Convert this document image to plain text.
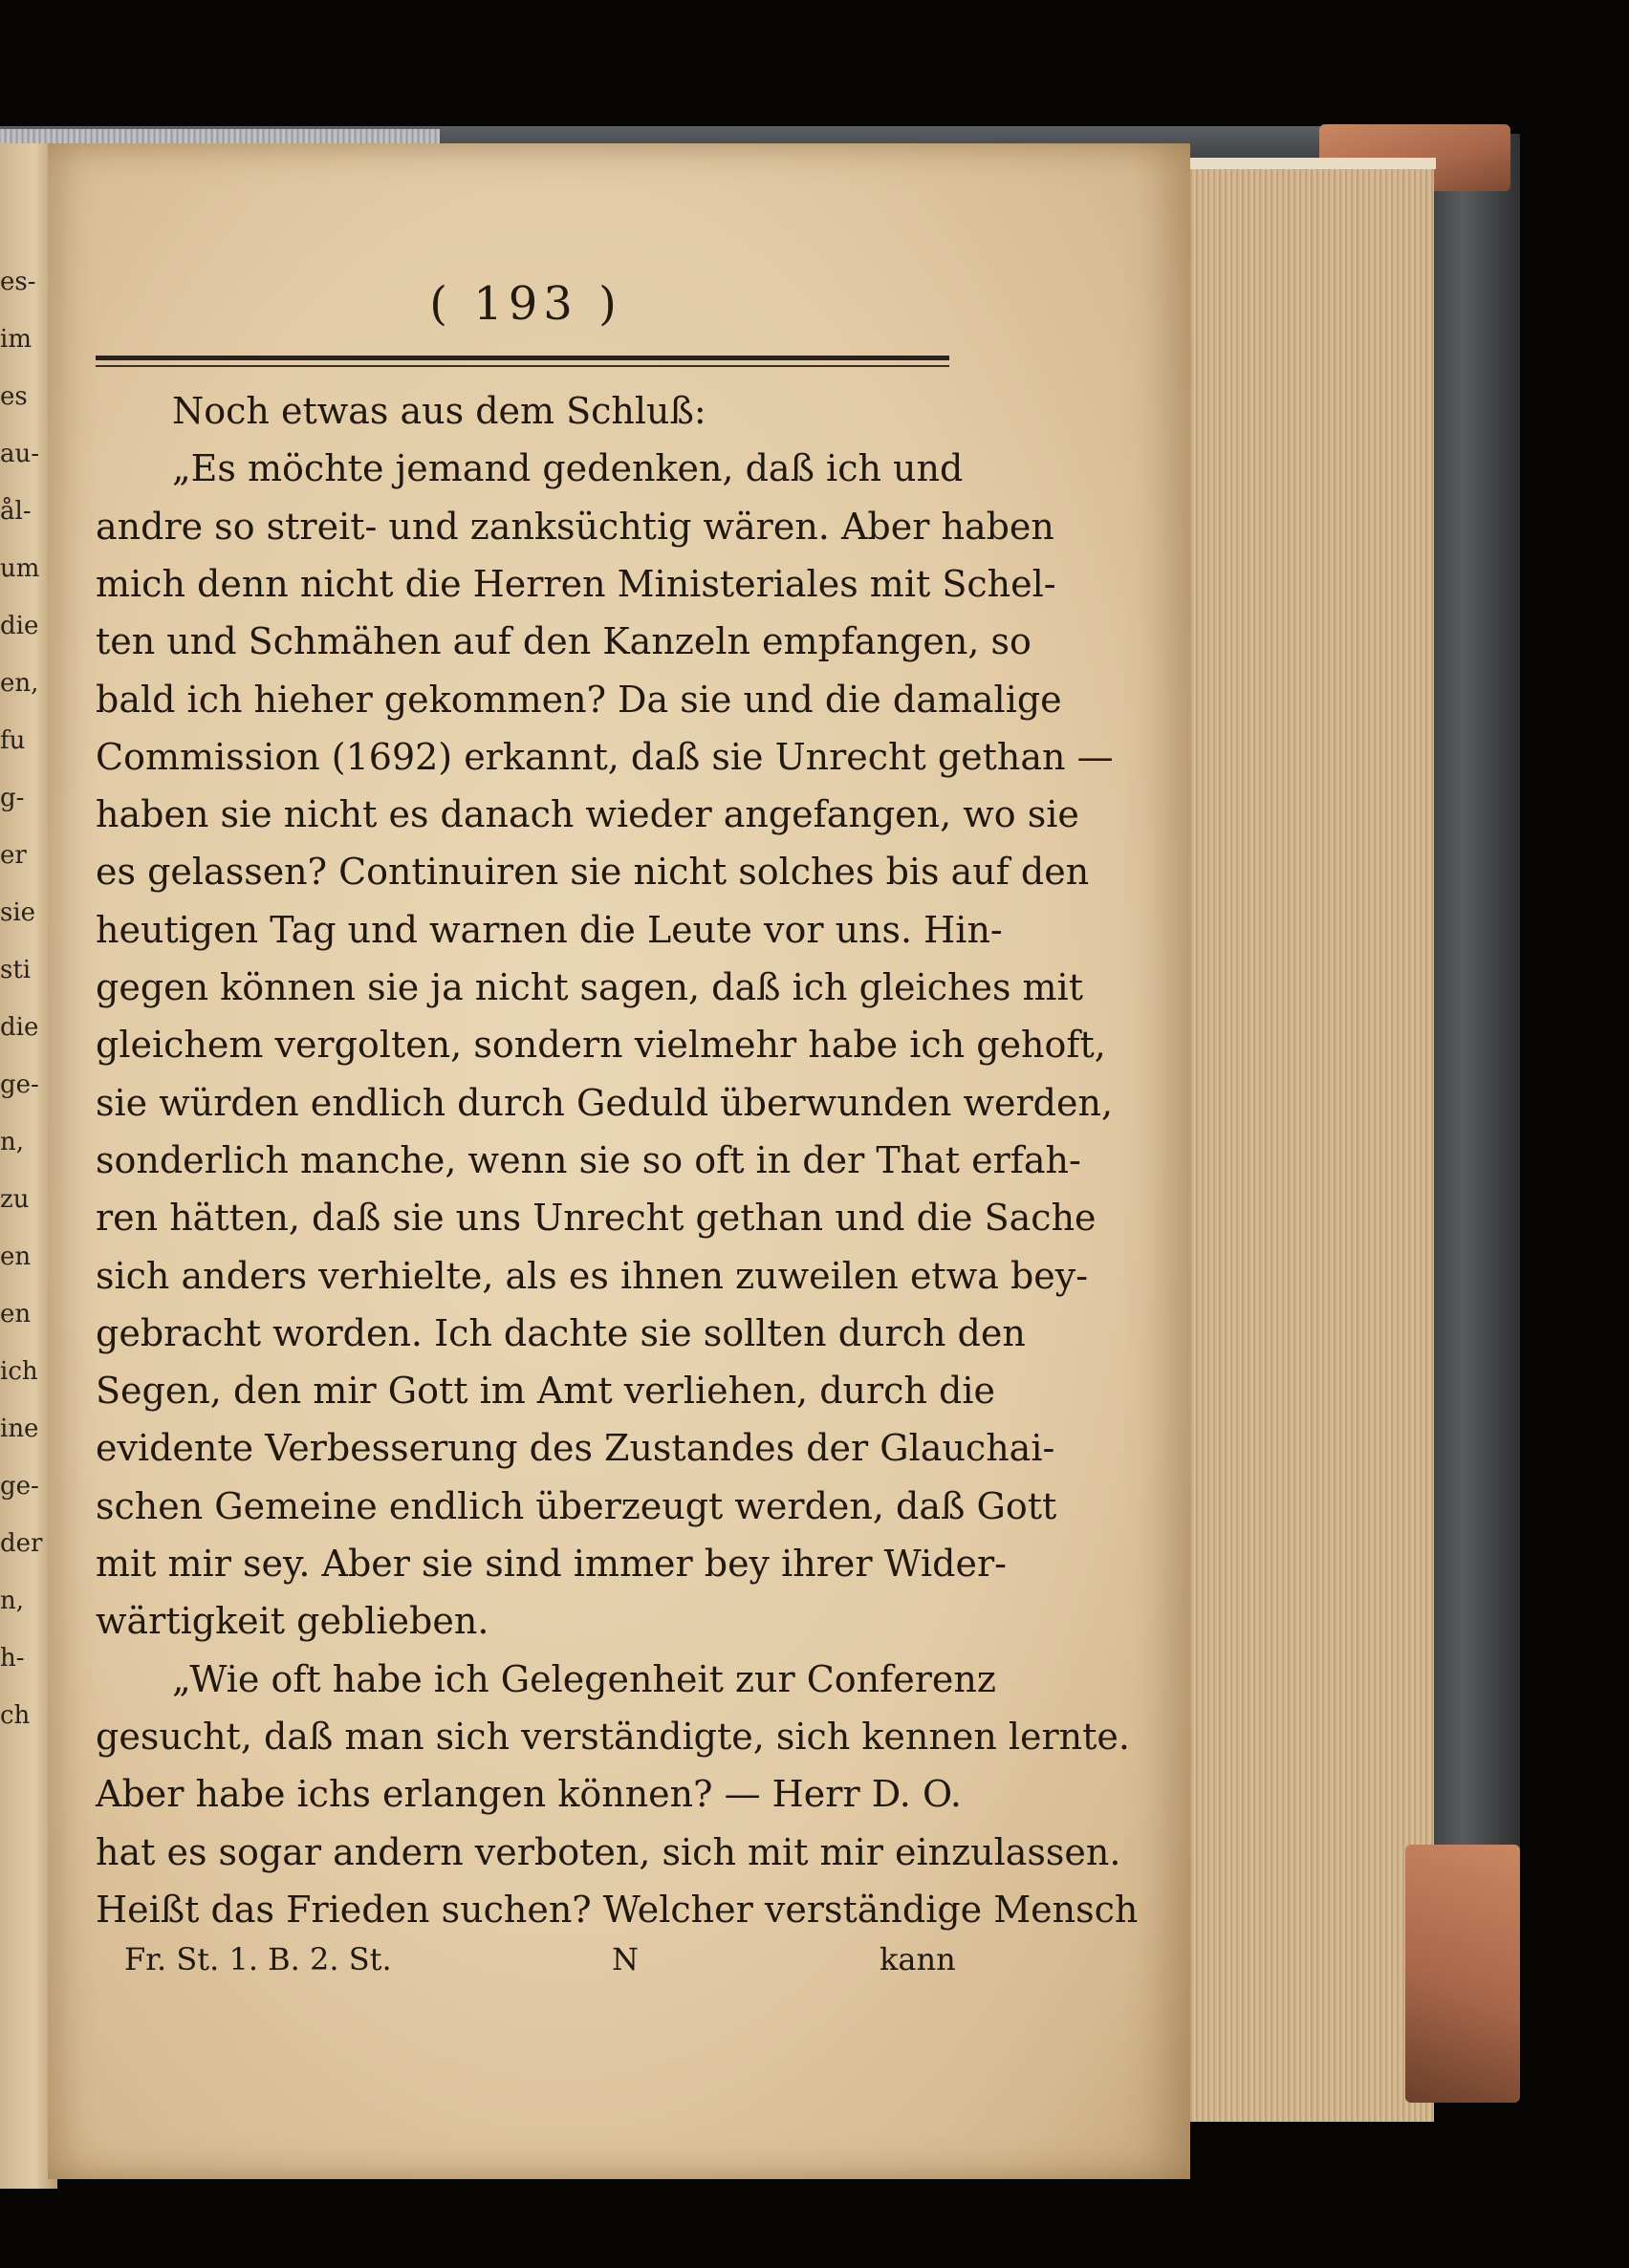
es-
im
es
au-
ål-
um
die
en,
fu
g-
er
sie
sti
die
ge-
n,
zu
en
en
ich
ine
ge-
der
n,
h-
ch
( 193 )
Noch etwas aus dem Schluß:
„Es möchte jemand gedenken, daß ich und
andre so streit- und zanksüchtig wären. Aber haben
mich denn nicht die Herren Ministeriales mit Schel-
ten und Schmähen auf den Kanzeln empfangen, so
bald ich hieher gekommen? Da sie und die damalige
Commission (1692) erkannt, daß sie Unrecht gethan —
haben sie nicht es danach wieder angefangen, wo sie
es gelassen? Continuiren sie nicht solches bis auf den
heutigen Tag und warnen die Leute vor uns. Hin-
gegen können sie ja nicht sagen, daß ich gleiches mit
gleichem vergolten, sondern vielmehr habe ich gehoft,
sie würden endlich durch Geduld überwunden werden,
sonderlich manche, wenn sie so oft in der That erfah-
ren hätten, daß sie uns Unrecht gethan und die Sache
sich anders verhielte, als es ihnen zuweilen etwa bey-
gebracht worden. Ich dachte sie sollten durch den
Segen, den mir Gott im Amt verliehen, durch die
evidente Verbesserung des Zustandes der Glauchai-
schen Gemeine endlich überzeugt werden, daß Gott
mit mir sey. Aber sie sind immer bey ihrer Wider-
wärtigkeit geblieben.
„Wie oft habe ich Gelegenheit zur Conferenz
gesucht, daß man sich verständigte, sich kennen lernte.
Aber habe ichs erlangen können? — Herr D. O.
hat es sogar andern verboten, sich mit mir einzulassen.
Heißt das Frieden suchen? Welcher verständige Mensch
Fr. St. 1. B. 2. St.	N	kann
